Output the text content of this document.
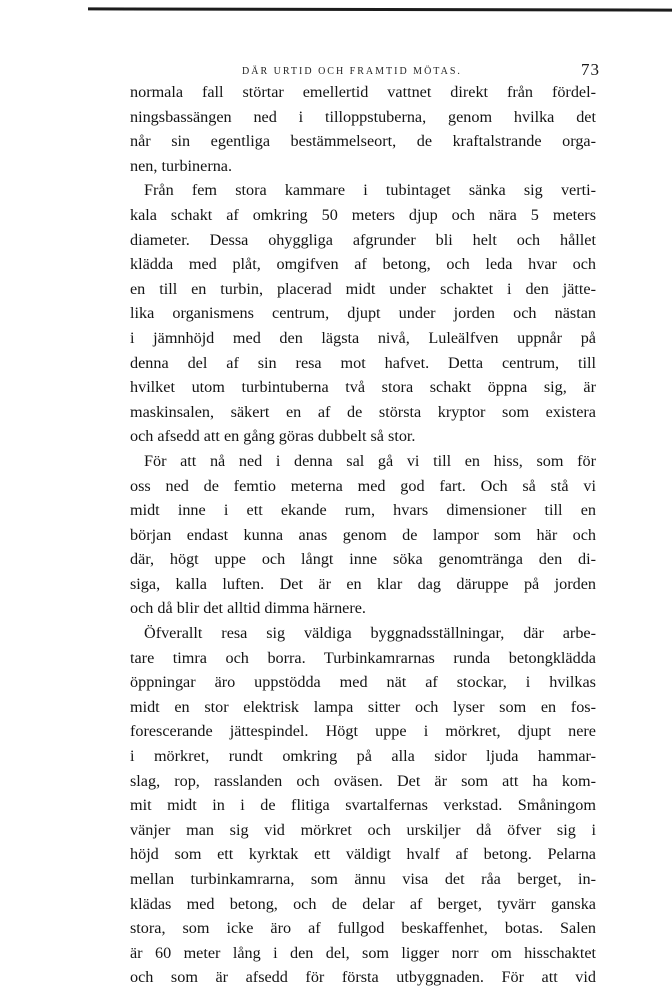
DÄR URTID OCH FRAMTID MÖTAS.	73
normala fall störtar emellertid vattnet direkt från fördel-
ningsbassängen ned i tilloppstuberna, genom hvilka det
når sin egentliga bestämmelseort, de kraftalstrande orga-
nen, turbinerna.
Från fem stora kammare i tubintaget sänka sig verti-
kala schakt af omkring 50 meters djup och nära 5 meters
diameter. Dessa ohyggliga afgrunder bli helt och hållet
klädda med plåt, omgifven af betong, och leda hvar och
en till en turbin, placerad midt under schaktet i den jätte-
lika organismens centrum, djupt under jorden och nästan
i jämnhöjd med den lägsta nivå, Luleälfven uppnår på
denna del af sin resa mot hafvet. Detta centrum, till
hvilket utom turbintuberna två stora schakt öppna sig, är
maskinsalen, säkert en af de största kryptor som existera
och afsedd att en gång göras dubbelt så stor.
För att nå ned i denna sal gå vi till en hiss, som för
oss ned de femtio meterna med god fart. Och så stå vi
midt inne i ett ekande rum, hvars dimensioner till en
början endast kunna anas genom de lampor som här och
där, högt uppe och långt inne söka genomtränga den di-
siga, kalla luften. Det är en klar dag däruppe på jorden
och då blir det alltid dimma härnere.
Öfverallt resa sig väldiga byggnadsställningar, där arbe-
tare timra och borra. Turbinkamrarnas runda betongklädda
öppningar äro uppstödda med nät af stockar, i hvilkas
midt en stor elektrisk lampa sitter och lyser som en fos-
forescerande jättespindel. Högt uppe i mörkret, djupt nere
i mörkret, rundt omkring på alla sidor ljuda hammar-
slag, rop, rasslanden och oväsen. Det är som att ha kom-
mit midt in i de flitiga svartalfernas verkstad. Småningom
vänjer man sig vid mörkret och urskiljer då öfver sig i
höjd som ett kyrktak ett väldigt hvalf af betong. Pelarna
mellan turbinkamrarna, som ännu visa det råa berget, in-
klädas med betong, och de delar af berget, tyvärr ganska
stora, som icke äro af fullgod beskaffenhet, botas. Salen
är 60 meter lång i den del, som ligger norr om hisschaktet
och som är afsedd för första utbyggnaden. För att vid
